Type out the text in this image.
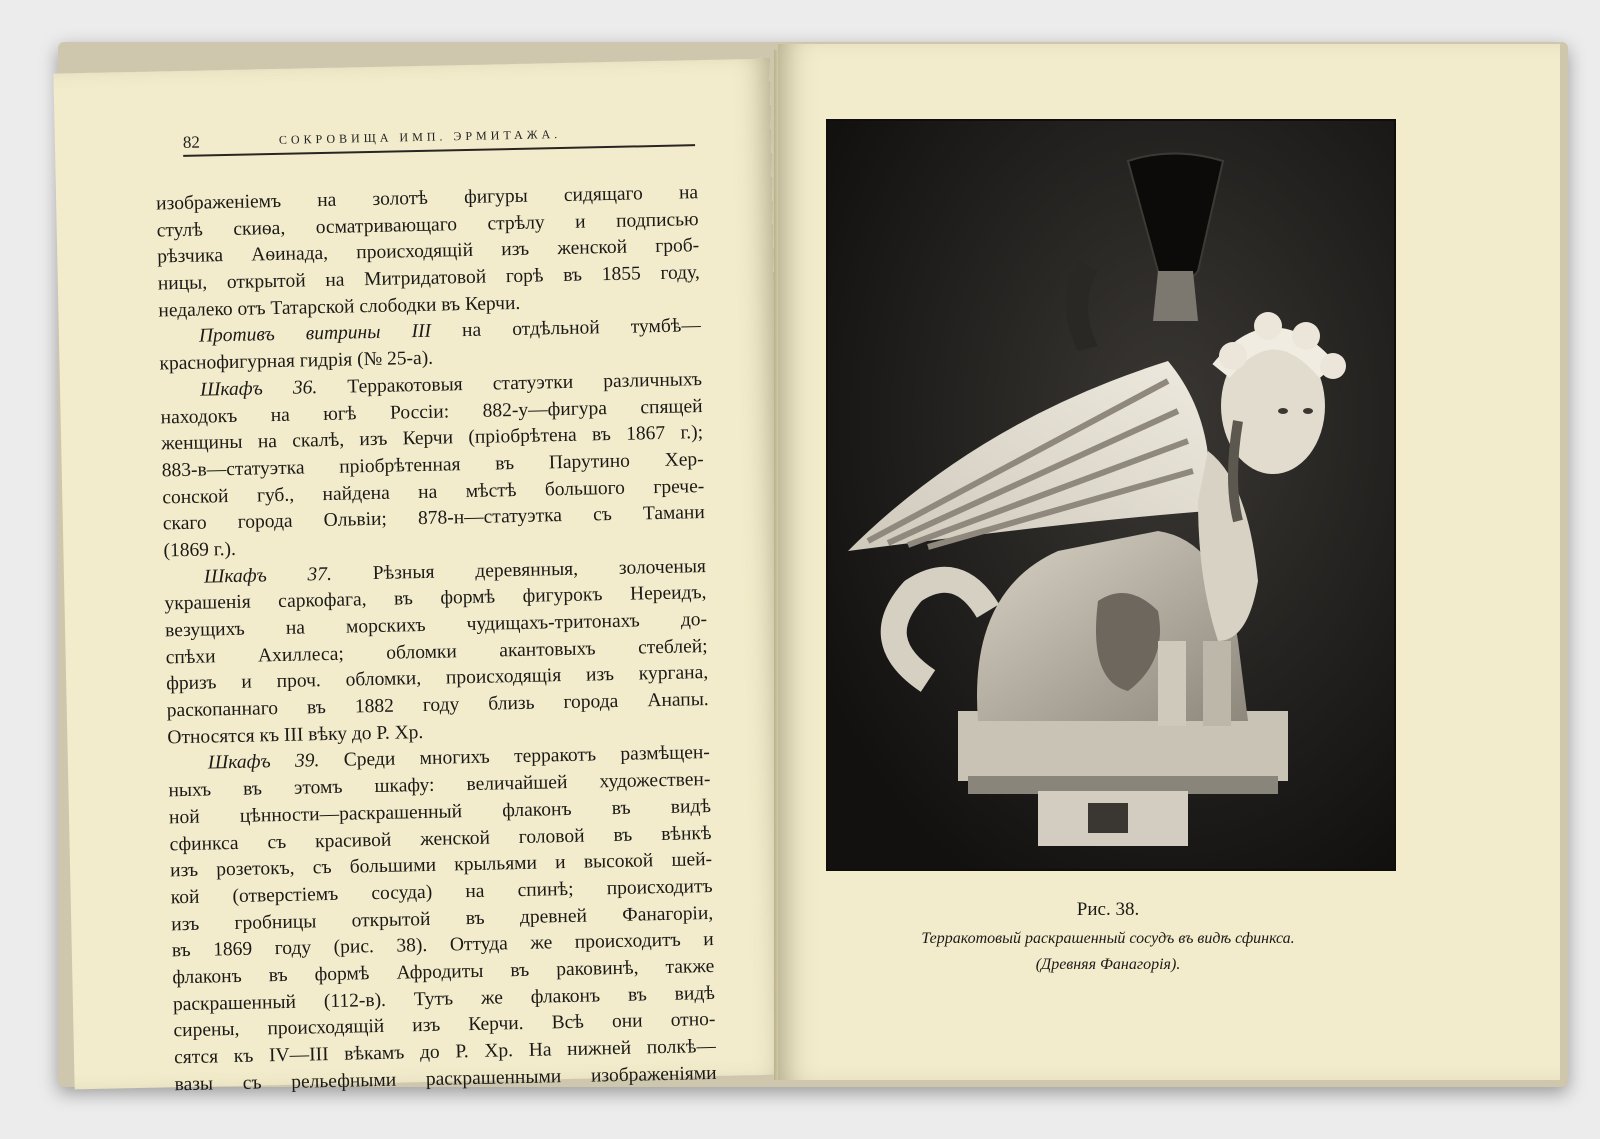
82	СОКРОВИЩА ИМП. ЭРМИТАЖА.
изображеніемъ на золотѣ фигуры сидящаго на
стулѣ скиѳа, осматривающаго стрѣлу и подписью
рѣзчика Аѳинада, происходящій изъ женской гроб-
ницы, открытой на Митридатовой горѣ въ 1855 году,
недалеко отъ Татарской слободки въ Керчи.
Противъ витрины III на отдѣльной тумбѣ—
краснофигурная гидрія (№ 25-а).
Шкафъ 36. Терракотовыя статуэтки различныхъ
находокъ на югѣ Россіи: 882-у—фигура спящей
женщины на скалѣ, изъ Керчи (пріобрѣтена въ 1867 г.);
883-в—статуэтка пріобрѣтенная въ Парутино Хер-
сонской губ., найдена на мѣстѣ большого грече-
скаго города Ольвіи; 878-н—статуэтка съ Тамани
(1869 г.).
Шкафъ 37. Рѣзныя деревянныя, золоченыя
украшенія саркофага, въ формѣ фигурокъ Нереидъ,
везущихъ на морскихъ чудищахъ-тритонахъ до-
спѣхи Ахиллеса; обломки акантовыхъ стеблей;
фризъ и проч. обломки, происходящія изъ кургана,
раскопаннаго въ 1882 году близь города Анапы.
Относятся къ III вѣку до Р. Хр.
Шкафъ 39. Среди многихъ терракотъ размѣщен-
ныхъ въ этомъ шкафу: величайшей художествен-
ной цѣнности—раскрашенный флаконъ въ видѣ
сфинкса съ красивой женской головой въ вѣнкѣ
изъ розетокъ, съ большими крыльями и высокой шей-
кой (отверстіемъ сосуда) на спинѣ; происходитъ
изъ гробницы открытой въ древней Фанагоріи,
въ 1869 году (рис. 38). Оттуда же происходитъ и
флаконъ въ формѣ Афродиты въ раковинѣ, также
раскрашенный (112-в). Тутъ же флаконъ въ видѣ
сирены, происходящій изъ Керчи. Всѣ они отно-
сятся къ IV—III вѣкамъ до Р. Хр. На нижней полкѣ—
вазы съ рельефными раскрашенными изображеніями
Рис. 38.
Терракотовый раскрашенный сосудъ въ видѣ сфинкса.
(Древняя Фанагорія).
